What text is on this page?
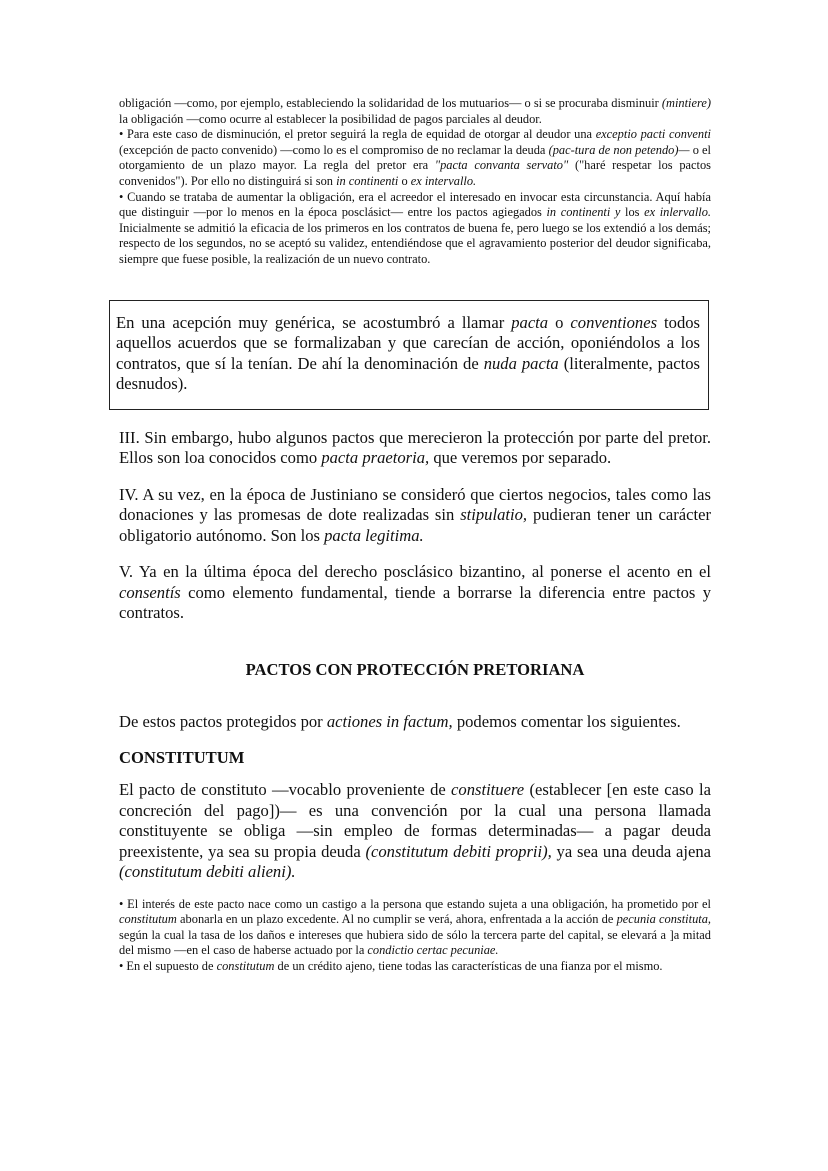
obligación —como, por ejemplo, estableciendo la solidaridad de los mutuarios— o si se procuraba disminuir (mintiere) la obligación —como ocurre al establecer la posibilidad de pagos parciales al deudor.

• Para este caso de disminución, el pretor seguirá la regla de equidad de otorgar al deudor una exceptio pacti conventi (excepción de pacto convenido) —como lo es el compromiso de no reclamar la deuda (pac-tura de non petendo)— o el otorgamiento de un plazo mayor. La regla del pretor era "pacta convanta servato" ("haré respetar los pactos convenidos"). Por ello no distinguirá si son in continenti o ex intervallo.

• Cuando se trataba de aumentar la obligación, era el acreedor el interesado en invocar esta circunstancia. Aquí había que distinguir —por lo menos en la época posclásict— entre los pactos agiegados in continenti y los ex inlervallo. Inicialmente se admitió la eficacia de los primeros en los contratos de buena fe, pero luego se los extendió a los demás; respecto de los segundos, no se aceptó su validez, entendiéndose que el agravamiento posterior del deudor significaba, siempre que fuese posible, la realización de un nuevo contrato.

En una acepción muy genérica, se acostumbró a llamar pacta o conventiones todos aquellos acuerdos que se formalizaban y que carecían de acción, oponiéndolos a los contratos, que sí la tenían. De ahí la denominación de nuda pacta (literalmente, pactos desnudos).

III. Sin embargo, hubo algunos pactos que merecieron la protección por parte del pretor. Ellos son loa conocidos como pacta praetoria, que veremos por separado.

IV. A su vez, en la época de Justiniano se consideró que ciertos negocios, tales como las donaciones y las promesas de dote realizadas sin stipulatio, pudieran tener un carácter obligatorio autónomo. Son los pacta legitima.

V. Ya en la última época del derecho posclásico bizantino, al ponerse el acento en el consentís como elemento fundamental, tiende a borrarse la diferencia entre pactos y contratos.

PACTOS CON PROTECCIÓN PRETORIANA

De estos pactos protegidos por actiones in factum, podemos comentar los siguientes.

CONSTITUTUM

El pacto de constituto —vocablo proveniente de constituere (establecer [en este caso la concreción del pago])— es una convención por la cual una persona llamada constituyente se obliga —sin empleo de formas determinadas— a pagar deuda preexistente, ya sea su propia deuda (constitutum debiti proprii), ya sea una deuda ajena (constitutum debiti alieni).

• El interés de este pacto nace como un castigo a la persona que estando sujeta a una obligación, ha prometido por el constitutum abonarla en un plazo excedente. Al no cumplir se verá, ahora, enfrentada a la acción de pecunia constituta, según la cual la tasa de los daños e intereses que hubiera sido de sólo la tercera parte del capital, se elevará a ]a mitad del mismo —en el caso de haberse actuado por la condictio certac pecuniae.

• En el supuesto de constitutum de un crédito ajeno, tiene todas las características de una fianza por el mismo.
